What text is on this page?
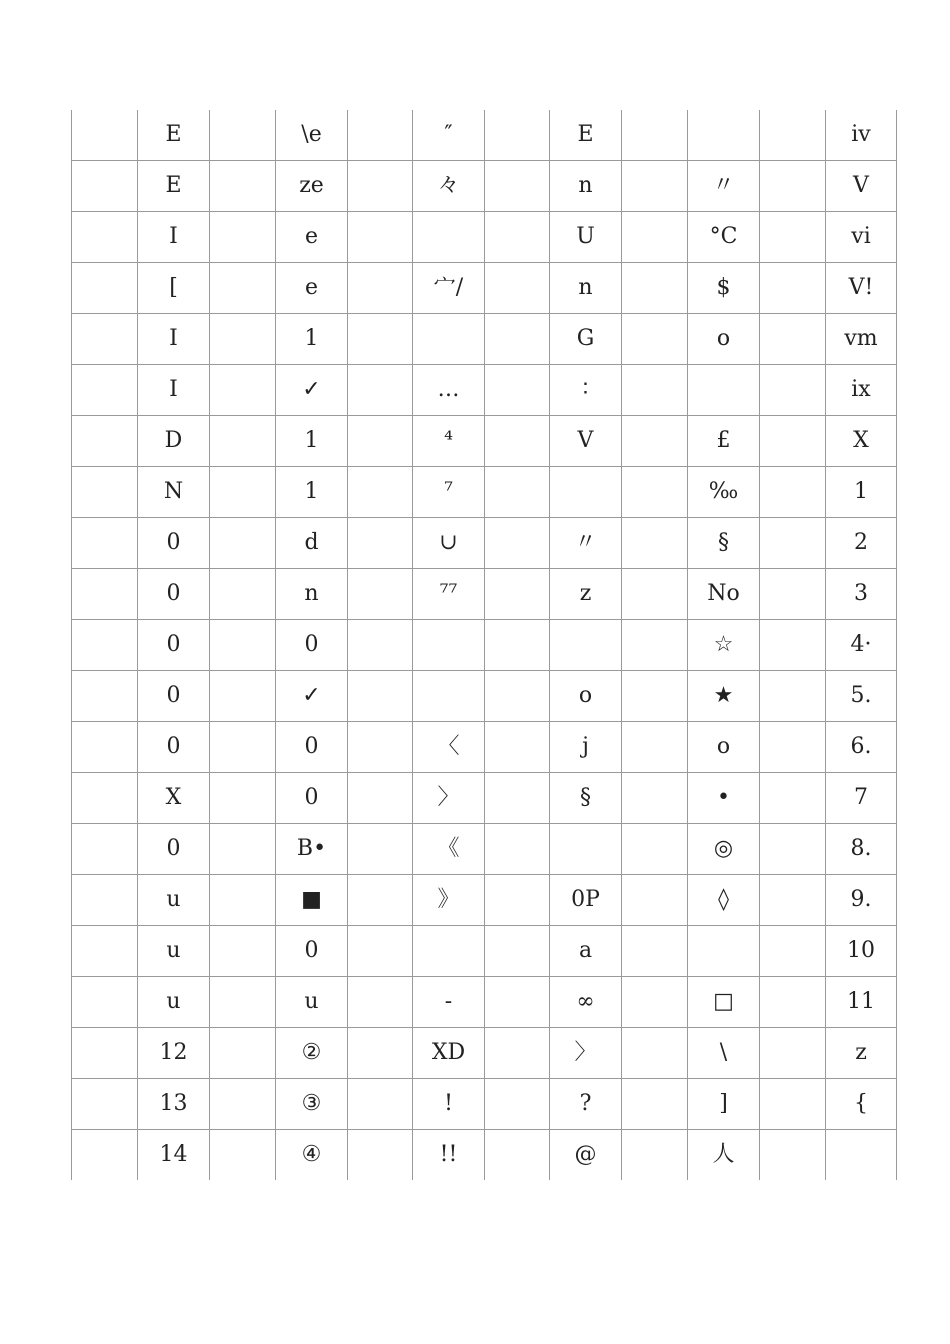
	E		\e		″		E				iv
	E		ze		々		n		〃		V
	I		e				U		°C		vi
	[		e		宀/		n		$		V!
	I		1				G		o		vm
	I		✓		…		∶				ix
	D		1		⁴		V		£		X
	N		1		⁷				‰		1
	0		d		∪		〃		§		2
	0		n		⁷⁷		z		No		3
	0		0						☆		4·
	0		✓				o		★		5.
	0		0		〈		j		o		6.
	X		0		〉		§		•		7
	0		B•		《				◎		8.
	u		■		》		0P		◊		9.
	u		0				a				10
	u		u		-		∞		□		11
	12		②		XD		〉		\		z
	13		③		!		?		]		{
	14		④		!!		@		人		
